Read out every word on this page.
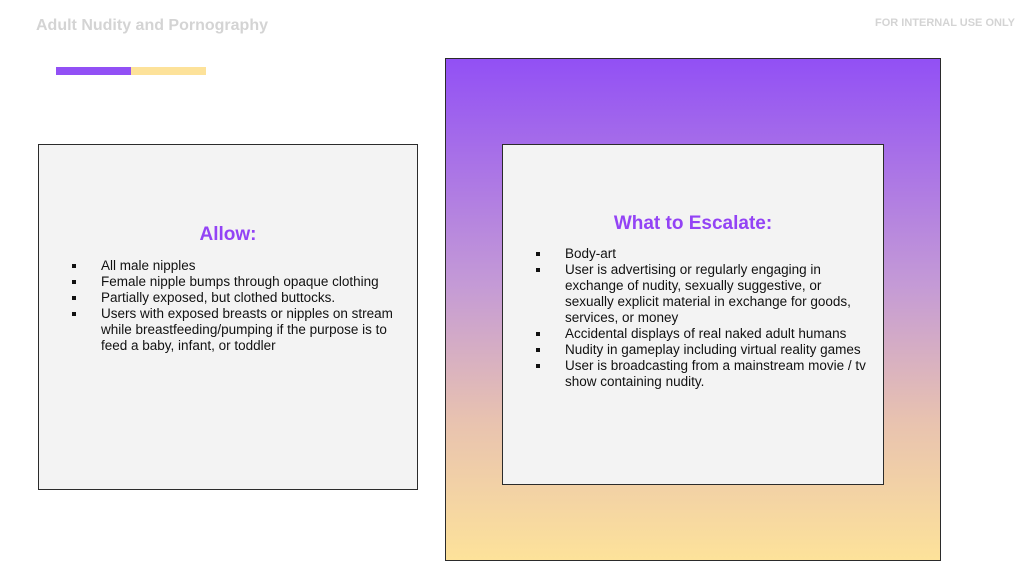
Adult Nudity and Pornography	FOR INTERNAL USE ONLY
Allow:
All male nipples
Female nipple bumps through opaque clothing
Partially exposed, but clothed buttocks.
Users with exposed breasts or nipples on stream while breastfeeding/pumping if the purpose is to feed a baby, infant, or toddler
What to Escalate:
Body-art
User is advertising or regularly engaging in exchange of nudity, sexually suggestive, or sexually explicit material in exchange for goods, services, or money
Accidental displays of real naked adult humans
Nudity in gameplay including virtual reality games
User is broadcasting from a mainstream movie / tv show containing nudity.
